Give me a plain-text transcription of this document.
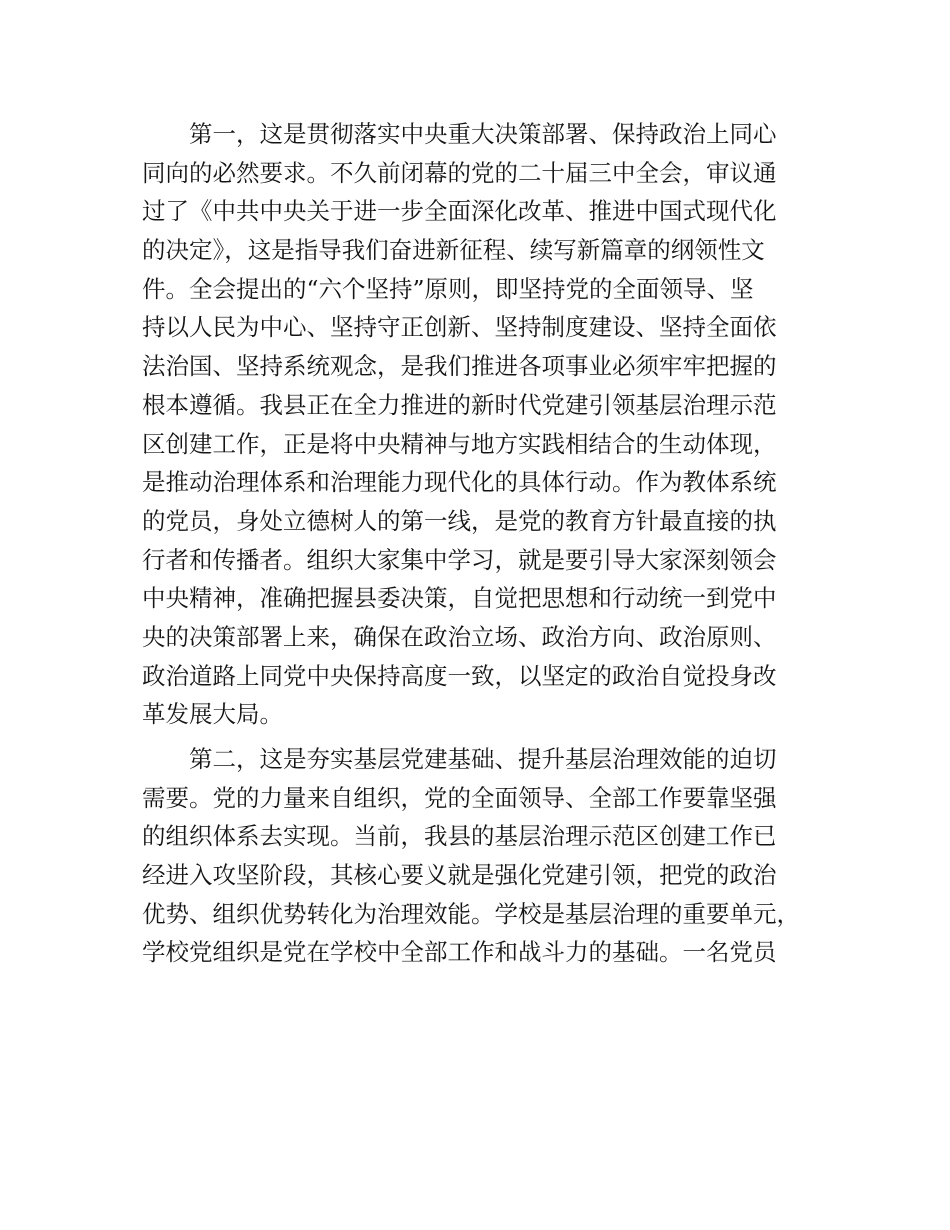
第一，这是贯彻落实中央重大决策部署、保持政治上同心
同向的必然要求。不久前闭幕的党的二十届三中全会，审议通
过了《中共中央关于进一步全面深化改革、推进中国式现代化
的决定》，这是指导我们奋进新征程、续写新篇章的纲领性文
件。全会提出的“六个坚持”原则，即坚持党的全面领导、坚
持以人民为中心、坚持守正创新、坚持制度建设、坚持全面依
法治国、坚持系统观念，是我们推进各项事业必须牢牢把握的
根本遵循。我县正在全力推进的新时代党建引领基层治理示范
区创建工作，正是将中央精神与地方实践相结合的生动体现，
是推动治理体系和治理能力现代化的具体行动。作为教体系统
的党员，身处立德树人的第一线，是党的教育方针最直接的执
行者和传播者。组织大家集中学习，就是要引导大家深刻领会
中央精神，准确把握县委决策，自觉把思想和行动统一到党中
央的决策部署上来，确保在政治立场、政治方向、政治原则、
政治道路上同党中央保持高度一致，以坚定的政治自觉投身改
革发展大局。

第二，这是夯实基层党建基础、提升基层治理效能的迫切
需要。党的力量来自组织，党的全面领导、全部工作要靠坚强
的组织体系去实现。当前，我县的基层治理示范区创建工作已
经进入攻坚阶段，其核心要义就是强化党建引领，把党的政治
优势、组织优势转化为治理效能。学校是基层治理的重要单元，
学校党组织是党在学校中全部工作和战斗力的基础。一名党员
